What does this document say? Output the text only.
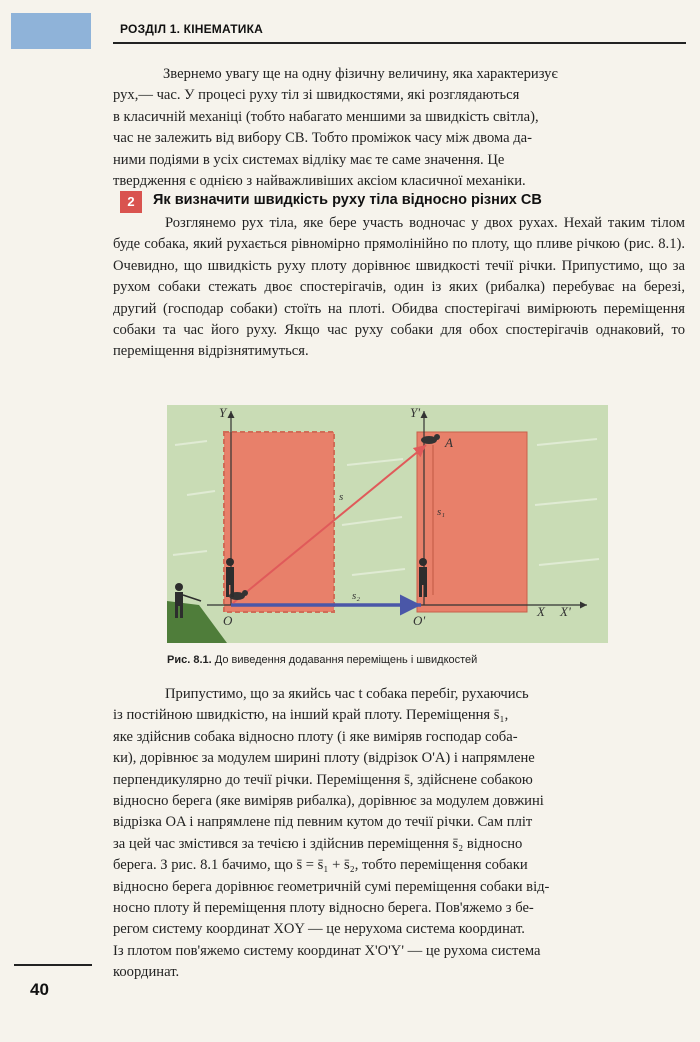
РОЗДІЛ 1. КІНЕМАТИКА
Звернемо увагу ще на одну фізичну величину, яка характеризує
рух,— час. У процесі руху тіл зі швидкостями, які розглядаються
в класичній механіці (тобто набагато меншими за швидкість світла),
час не залежить від вибору СВ. Тобто проміжок часу між двома да-
ними подіями в усіх системах відліку має те саме значення. Це
твердження є однією з найважливіших аксіом класичної механіки.
2	Як визначити швидкість руху тіла відносно різних СВ
Розглянемо рух тіла, яке бере участь водночас у двох рухах. Нехай таким тілом буде собака, який рухається рівномірно прямолінійно по плоту, що пливе річкою (рис. 8.1). Очевидно, що швидкість руху плоту дорівнює швидкості течії річки. Припустимо, що за рухом собаки стежать двоє спостерігачів, один із яких (рибалка) перебуває на березі, другий (господар собаки) стоїть на плоті. Обидва спостерігачі вимірюють переміщення собаки та час його руху. Якщо час руху собаки для обох спостерігачів однаковий, то переміщення відрізнятимуться.
Y	Y'
X X'
O	O'
A
s
s₁
s₂
Рис. 8.1. До виведення додавання переміщень і швидкостей
Припустимо, що за якийсь час t собака перебіг, рухаючись
із постійною швидкістю, на інший край плоту. Переміщення s̄₁,
яке здійснив собака відносно плоту (і яке виміряв господар соба-
ки), дорівнює за модулем ширині плоту (відрізок O'A) і напрямлене
перпендикулярно до течії річки. Переміщення s̄, здійснене собакою
відносно берега (яке виміряв рибалка), дорівнює за модулем довжині
відрізка OA і напрямлене під певним кутом до течії річки. Сам пліт
за цей час змістився за течією і здійснив переміщення s̄₂ відносно
берега. З рис. 8.1 бачимо, що s̄ = s̄₁ + s̄₂, тобто переміщення собаки
відносно берега дорівнює геометричній сумі переміщення собаки від-
носно плоту й переміщення плоту відносно берега. Пов'яжемо з бе-
регом систему координат XOY — це нерухома система координат.
Із плотом пов'яжемо систему координат X'O'Y' — це рухома система
координат.
40
